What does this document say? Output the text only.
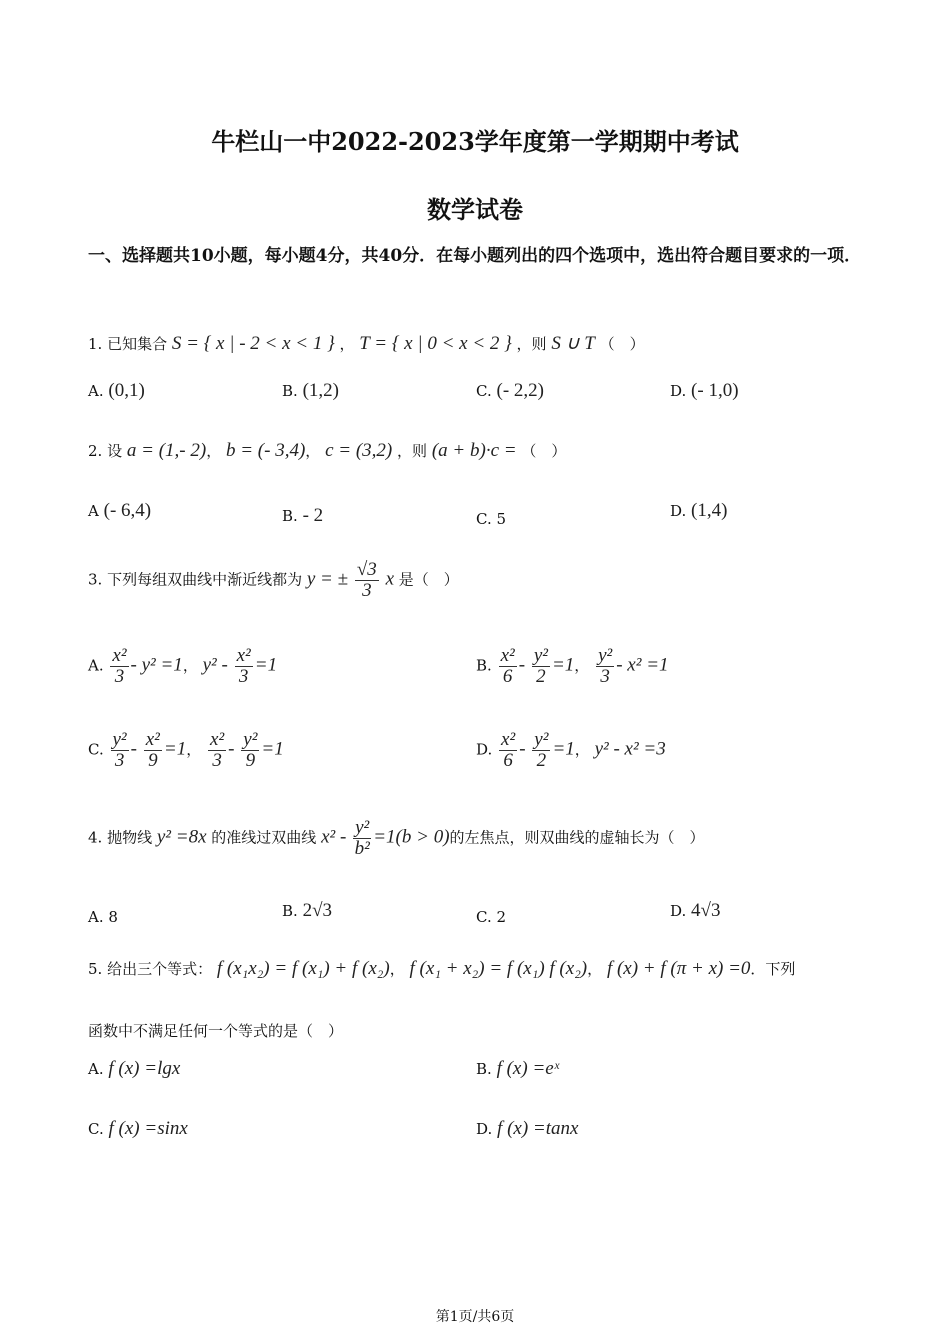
牛栏山一中2022-2023学年度第一学期期中考试
数学试卷
一、选择题共10小题，每小题4分，共40分．在每小题列出的四个选项中，选出符合题目要求的一项．
1. 已知集合 S = { x | - 2 < x < 1 } ， T = { x | 0 < x < 2 } ，则 S ∪ T （　）
A. (0,1)	B. (1,2)	C. (- 2,2)	D. (- 1,0)
2. 设 a = (1,- 2)， b = (- 3,4)， c = (3,2) ，则 (a + b)·c = （　）
A (- 6,4)	B. - 2	C. 5	D. (1,4)
3. 下列每组双曲线中渐近线都为 y = ± $\frac{√3}{3}$ x 是（　）
A. $\frac{\text{x²}}{3} - y^2 =1$， $y^2 - \frac{\text{x²}}{3} =1$	B. $\frac{\text{x²}}{6} - \frac{\text{y²}}{2} =1$， $\frac{\text{y²}}{3} - x^2 =1$
C. $\frac{\text{y²}}{3} - \frac{\text{x²}}{9} =1$， $\frac{\text{x²}}{3} - \frac{\text{y²}}{9} =1$	D. $\frac{\text{x²}}{6} - \frac{\text{y²}}{2} =1$， y² - x² =3
4. 抛物线 y² =8x 的准线过双曲线 $x^2 - \frac{\text{y²}}{\text{b²}} =1(b > 0)$的左焦点，则双曲线的虚轴长为（　）
A. 8	B. 2√3	C. 2	D. 4√3
5. 给出三个等式： f (x₁x₂) = f (x₁) + f (x₂)， f (x₁ + x₂) = f (x₁) f (x₂)， f (x) + f (π + x) =0．下列
函数中不满足任何一个等式的是（　）
A. f (x) =lgx	B. f (x) =eˣ
C. f (x) =sinx	D. f (x) =tanx
第1页/共6页
